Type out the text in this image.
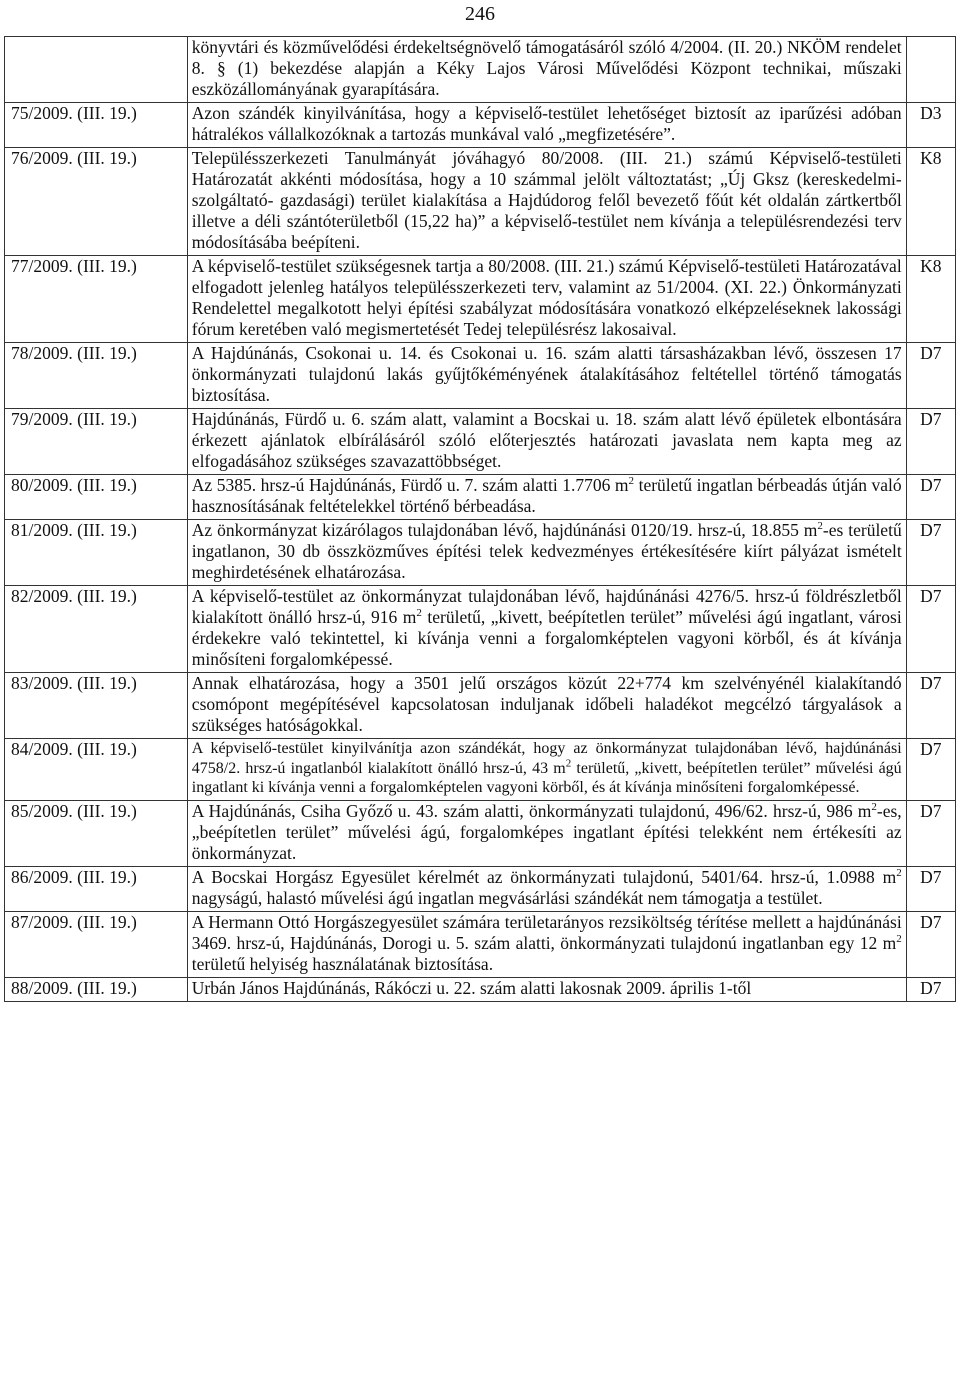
246
	könyvtári és közművelődési érdekeltségnövelő támogatásáról szóló 4/2004. (II. 20.) NKÖM rendelet 8. § (1) bekezdése alapján a Kéky Lajos Városi Művelődési Központ technikai, műszaki eszközállományának gyarapítására.	
75/2009. (III. 19.)	Azon szándék kinyilvánítása, hogy a képviselő-testület lehetőséget biztosít az iparűzési adóban hátralékos vállalkozóknak a tartozás munkával való „megfizetésére”.	D3
76/2009. (III. 19.)	Településszerkezeti Tanulmányát jóváhagyó 80/2008. (III. 21.) számú Képviselő-testületi Határozatát akkénti módosítása, hogy a 10 számmal jelölt változtatást; „Új Gksz (kereskedelmi- szolgáltató- gazdasági) terület kialakítása a Hajdúdorog felől bevezető főút két oldalán zártkertből illetve a déli szántóterületből (15,22 ha)” a képviselő-testület nem kívánja a településrendezési terv módosításába beépíteni.	K8
77/2009. (III. 19.)	A képviselő-testület szükségesnek tartja a 80/2008. (III. 21.) számú Képviselő-testületi Határozatával elfogadott jelenleg hatályos településszerkezeti terv, valamint az 51/2004. (XI. 22.) Önkormányzati Rendelettel megalkotott helyi építési szabályzat módosítására vonatkozó elképzeléseknek lakossági fórum keretében való megismertetését Tedej településrész lakosaival.	K8
78/2009. (III. 19.)	A Hajdúnánás, Csokonai u. 14. és Csokonai u. 16. szám alatti társasházakban lévő, összesen 17 önkormányzati tulajdonú lakás gyűjtőkéményének átalakításához feltétellel történő támogatás biztosítása.	D7
79/2009. (III. 19.)	Hajdúnánás, Fürdő u. 6. szám alatt, valamint a Bocskai u. 18. szám alatt lévő épületek elbontására érkezett ajánlatok elbírálásáról szóló előterjesztés határozati javaslata nem kapta meg az elfogadásához szükséges szavazattöbbséget.	D7
80/2009. (III. 19.)	Az 5385. hrsz-ú Hajdúnánás, Fürdő u. 7. szám alatti 1.7706 $m^2$ területű ingatlan bérbeadás útján való hasznosításának feltételekkel történő bérbeadása.	D7
81/2009. (III. 19.)	Az önkormányzat kizárólagos tulajdonában lévő, hajdúnánási 0120/19. hrsz-ú, 18.855 $m^2-es$ területű ingatlanon, 30 db összközműves építési telek kedvezményes értékesítésére kiírt pályázat ismételt meghirdetésének elhatározása.	D7
82/2009. (III. 19.)	A képviselő-testület az önkormányzat tulajdonában lévő, hajdúnánási 4276/5. hrsz-ú földrészletből kialakított önálló hrsz-ú, 916 $m^2$ területű, „kivett, beépítetlen terület” művelési ágú ingatlant, városi érdekekre való tekintettel, ki kívánja venni a forgalomképtelen vagyoni körből, és át kívánja minősíteni forgalomképessé.	D7
83/2009. (III. 19.)	Annak elhatározása, hogy a 3501 jelű országos közút 22+774 km szelvényénél kialakítandó csomópont megépítésével kapcsolatosan induljanak időbeli haladékot megcélzó tárgyalások a szükséges hatóságokkal.	D7
84/2009. (III. 19.)	A képviselő-testület kinyilvánítja azon szándékát, hogy az önkormányzat tulajdonában lévő, hajdúnánási 4758/2. hrsz-ú ingatlanból kialakított önálló hrsz-ú, 43 $m^2$ területű, „kivett, beépítetlen terület” művelési ágú ingatlant ki kívánja venni a forgalomképtelen vagyoni körből, és át kívánja minősíteni forgalomképessé.	D7
85/2009. (III. 19.)	A Hajdúnánás, Csiha Győző u. 43. szám alatti, önkormányzati tulajdonú, 496/62. hrsz-ú, 986 $m^2-es$, „beépítetlen terület” művelési ágú, forgalomképes ingatlant építési telekként nem értékesíti az önkormányzat.	D7
86/2009. (III. 19.)	A Bocskai Horgász Egyesület kérelmét az önkormányzati tulajdonú, 5401/64. hrsz-ú, 1.0988 $m^2$ nagyságú, halastó művelési ágú ingatlan megvásárlási szándékát nem támogatja a testület.	D7
87/2009. (III. 19.)	A Hermann Ottó Horgászegyesület számára területarányos rezsiköltség térítése mellett a hajdúnánási 3469. hrsz-ú, Hajdúnánás, Dorogi u. 5. szám alatti, önkormányzati tulajdonú ingatlanban egy 12 $m^2$ területű helyiség használatának biztosítása.	D7
88/2009. (III. 19.)	Urbán János Hajdúnánás, Rákóczi u. 22. szám alatti lakosnak 2009. április 1-től	D7
